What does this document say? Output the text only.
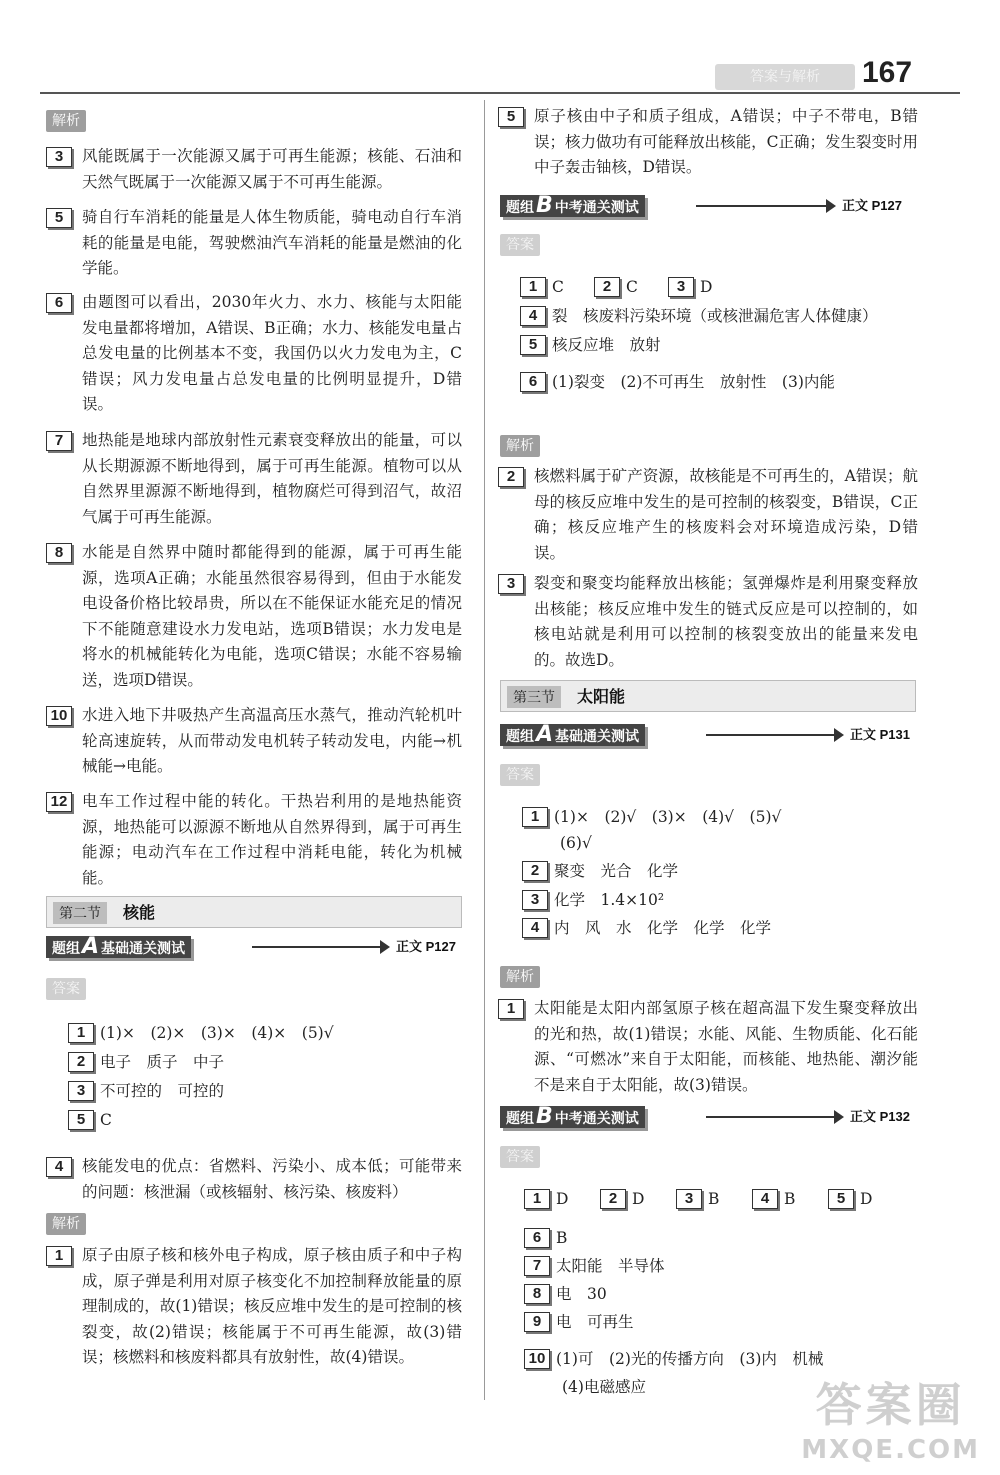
答案与解析	167
解析
3	风能既属于一次能源又属于可再生能源；核能、石油和天然气既属于一次能源又属于不可再生能源。
5	骑自行车消耗的能量是人体生物质能，骑电动自行车消耗的能量是电能，驾驶燃油汽车消耗的能量是燃油的化学能。
6	由题图可以看出，2030年火力、水力、核能与太阳能发电量都将增加，A错误、B正确；水力、核能发电量占总发电量的比例基本不变，我国仍以火力发电为主，C错误；风力发电量占总发电量的比例明显提升，D错误。
7	地热能是地球内部放射性元素衰变释放出的能量，可以从长期源源不断地得到，属于可再生能源。植物可以从自然界里源源不断地得到，植物腐烂可得到沼气，故沼气属于可再生能源。
8	水能是自然界中随时都能得到的能源，属于可再生能源，选项A正确；水能虽然很容易得到，但由于水能发电设备价格比较昂贵，所以在不能保证水能充足的情况下不能随意建设水力发电站，选项B错误；水力发电是将水的机械能转化为电能，选项C错误；水能不容易输送，选项D错误。
10 水进入地下井吸热产生高温高压水蒸气，推动汽轮机叶轮高速旋转，从而带动发电机转子转动发电，内能→机械能→电能。
12 电车工作过程中能的转化。干热岩利用的是地热能资源，地热能可以源源不断地从自然界得到，属于可再生能源；电动汽车在工作过程中消耗电能，转化为机械能。
第二节	核能
题组A 基础通关测试	正文 P127
答案
1 (1)×　(2)×　(3)×　(4)×　(5)√
2 电子　质子　中子
3 不可控的　可控的
5 C
4	核能发电的优点：省燃料、污染小、成本低；可能带来的问题：核泄漏（或核辐射、核污染、核废料）
解析
1	原子由原子核和核外电子构成，原子核由质子和中子构成，原子弹是利用对原子核变化不加控制释放能量的原理制成的，故(1)错误；核反应堆中发生的是可控制的核裂变，故(2)错误；核能属于不可再生能源，故(3)错误；核燃料和核废料都具有放射性，故(4)错误。
5	原子核由中子和质子组成，A错误；中子不带电，B错误；核力做功有可能释放出核能，C正确；发生裂变时用中子轰击铀核，D错误。
题组B 中考通关测试	正文 P127
答案
1 C	2 C	3 D
4 裂　核废料污染环境（或核泄漏危害人体健康）
5 核反应堆　放射
6 (1)裂变　(2)不可再生　放射性　(3)内能
解析
2	核燃料属于矿产资源，故核能是不可再生的，A错误；航母的核反应堆中发生的是可控制的核裂变，B错误，C正确；核反应堆产生的核废料会对环境造成污染，D错误。
3	裂变和聚变均能释放出核能；氢弹爆炸是利用聚变释放出核能；核反应堆中发生的链式反应是可以控制的，如核电站就是利用可以控制的核裂变放出的能量来发电的。故选D。
第三节	太阳能
题组A 基础通关测试	正文 P131
答案
1 (1)×　(2)√　(3)×　(4)√　(5)√
(6)√
2 聚变　光合　化学
3 化学　1.4×10²
4 内　风　水　化学　化学　化学
解析
1	太阳能是太阳内部氢原子核在超高温下发生聚变释放出的光和热，故(1)错误；水能、风能、生物质能、化石能源、“可燃冰”来自于太阳能，而核能、地热能、潮汐能不是来自于太阳能，故(3)错误。
题组B 中考通关测试	正文 P132
答案
1 D	2 D	3 B	4 B	5 D
6 B
7 太阳能　半导体
8 电　30
9 电　可再生
10 (1)可　(2)光的传播方向　(3)内　机械
(4)电磁感应	答案圈
MXQE.COM
